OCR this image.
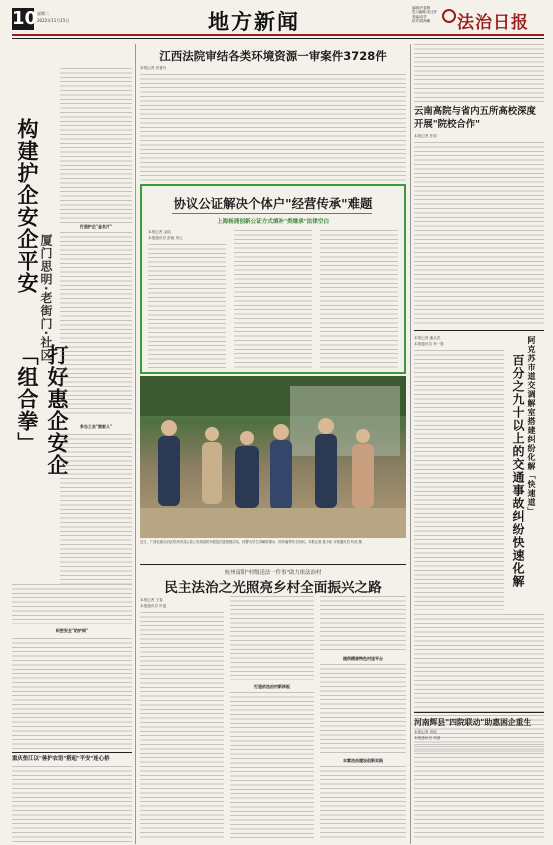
10 星期二
2022年11月15日	地方新闻
编辑/许春锋
见习编辑/宋迁菲
美编/高芳
校对/郭海鹏	法治日报
构建护企安企平安
打好惠企安企「组合拳」
厦门思明·老街门·社区
打造护企"金名片"
争当工会"娘家人"
织密安全"防护网"
重庆垫江以"善护农语"搭起"平安"连心桥
江西法院审结各类环境资源一审案件3728件
本报记者 刘著舟
协议公证解决个体户"经营传承"难题
上海杨浦创新公证方式填补"类继承"法律空白
本报记者 金铭
本报通讯员 彭毅 刘云
近日，广西壮族自治区钦州市灵山县公安局组织开展送法进校园活动，民警为学生讲解防溺水、防诈骗等安全知识。本报记者 莫小松 本报通讯员 叶淡 摄
云南高院与省内五所高校深度开展"院校合作"
本报记者 杜国
阿克苏市道交调解室搭建纠纷化解「快速道」
百分之九十以上的交通事故纠纷快速化解
本报记者 潘从武
本报通讯员 李一胜
杭州富阳"村级送法一件事"助力依法治村
民主法治之光照亮乡村全面振兴之路
本报记者 王春
本报通讯员 叶菱
打造依法治村新样板
提供精准特色村送平台
丰富法治建设创新实践
河南辉县"四院联动"助惠困企重生
本报记者 刘欣
本报通讯员 刘清
